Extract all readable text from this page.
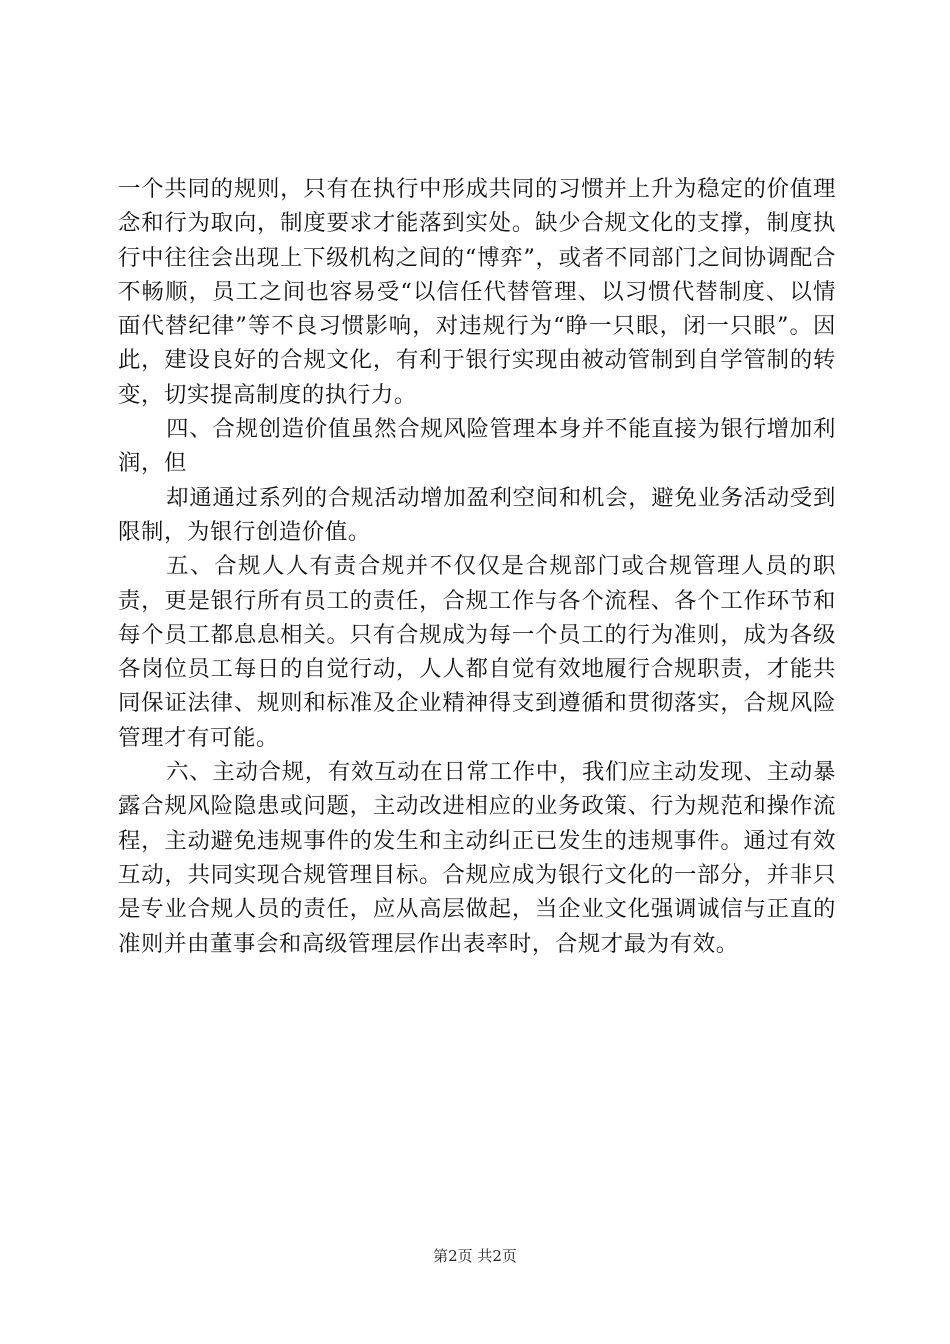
一个共同的规则，只有在执行中形成共同的习惯并上升为稳定的价值理念和行为取向，制度要求才能落到实处。缺少合规文化的支撑，制度执行中往往会出现上下级机构之间的“博弈”，或者不同部门之间协调配合不畅顺，员工之间也容易受“以信任代替管理、以习惯代替制度、以情面代替纪律”等不良习惯影响，对违规行为“睁一只眼，闭一只眼”。因此，建设良好的合规文化，有利于银行实现由被动管制到自学管制的转变，切实提高制度的执行力。

四、合规创造价值虽然合规风险管理本身并不能直接为银行增加利润，但

却通通过系列的合规活动增加盈利空间和机会，避免业务活动受到限制，为银行创造价值。

五、合规人人有责合规并不仅仅是合规部门或合规管理人员的职责，更是银行所有员工的责任，合规工作与各个流程、各个工作环节和每个员工都息息相关。只有合规成为每一个员工的行为准则，成为各级各岗位员工每日的自觉行动，人人都自觉有效地履行合规职责，才能共同保证法律、规则和标准及企业精神得支到遵循和贯彻落实，合规风险管理才有可能。

六、主动合规，有效互动在日常工作中，我们应主动发现、主动暴露合规风险隐患或问题，主动改进相应的业务政策、行为规范和操作流程，主动避免违规事件的发生和主动纠正已发生的违规事件。通过有效互动，共同实现合规管理目标。合规应成为银行文化的一部分，并非只是专业合规人员的责任，应从高层做起，当企业文化强调诚信与正直的准则并由董事会和高级管理层作出表率时，合规才最为有效。

第2页 共2页
